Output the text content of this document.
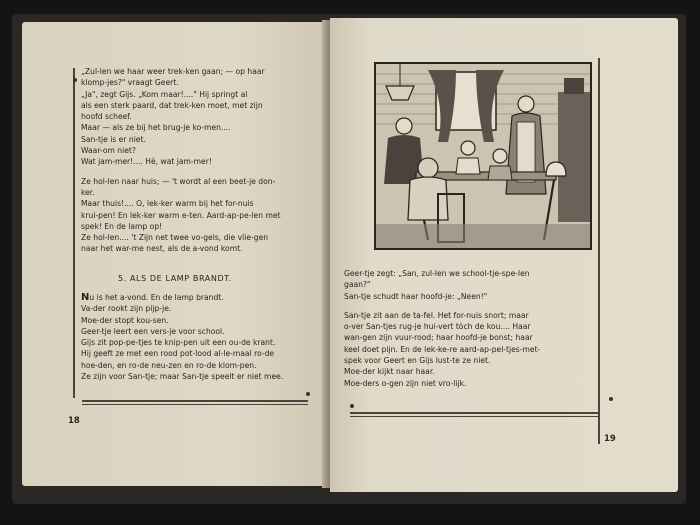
„Zul-len we haar weer trek-ken gaan; — op haar

klomp-jes?" vraagt Geert.

„Ja", zegt Gijs. „Kom maar!...." Hij springt al

als een sterk paard, dat trek-ken moet, met zijn

hoofd scheef.

Maar — als ze bij het brug-je ko-men....

San-tje is er niet.

Waar-om niet?

Wat jam-mer!.... Hè, wat jam-mer!

Ze hol-len naar huis; — 't wordt al een beet-je don-

ker.

Maar thuis!.... O, lek-ker warm bij het for-nuis

krui-pen! En lek-ker warm e-ten. Aard-ap-pe-len met

spek! En de lamp op!

Ze hol-len.... 't Zijn net twee vo-gels, die vlie-gen

naar het war-me nest, als de a-vond komt.

5. ALS DE LAMP BRANDT.

Nu is het a-vond. En de lamp brandt.

Va-der rookt zijn pijp-je.

Moe-der stopt kou-sen.

Geer-tje leert een vers-je voor school.

Gijs zit pop-pe-tjes te knip-pen uit een ou-de krant.

Hij geeft ze met een rood pot-lood al-le-maal ro-de

hoe-den, en ro-de neu-zen en ro-de klom-pen.

Ze zijn voor San-tje; maar San-tje speelt er niet mee.

18

Geer-tje zegt: „San, zul-len we school-tje-spe-len

gaan?"

San-tje schudt haar hoofd-je: „Neen!"

San-tje zit aan de ta-fel. Het for-nuis snort; maar

o-ver San-tjes rug-je hui-vert tòch de kou.... Haar

wan-gen zijn vuur-rood; haar hoofd-je bonst; haar

keel doet pijn. En de lek-ke-re aard-ap-pel-tjes-met-

spek voor Geert en Gijs lust-te ze niet.

Moe-der kijkt naar haar.

Moe-ders o-gen zijn niet vro-lijk.

19
